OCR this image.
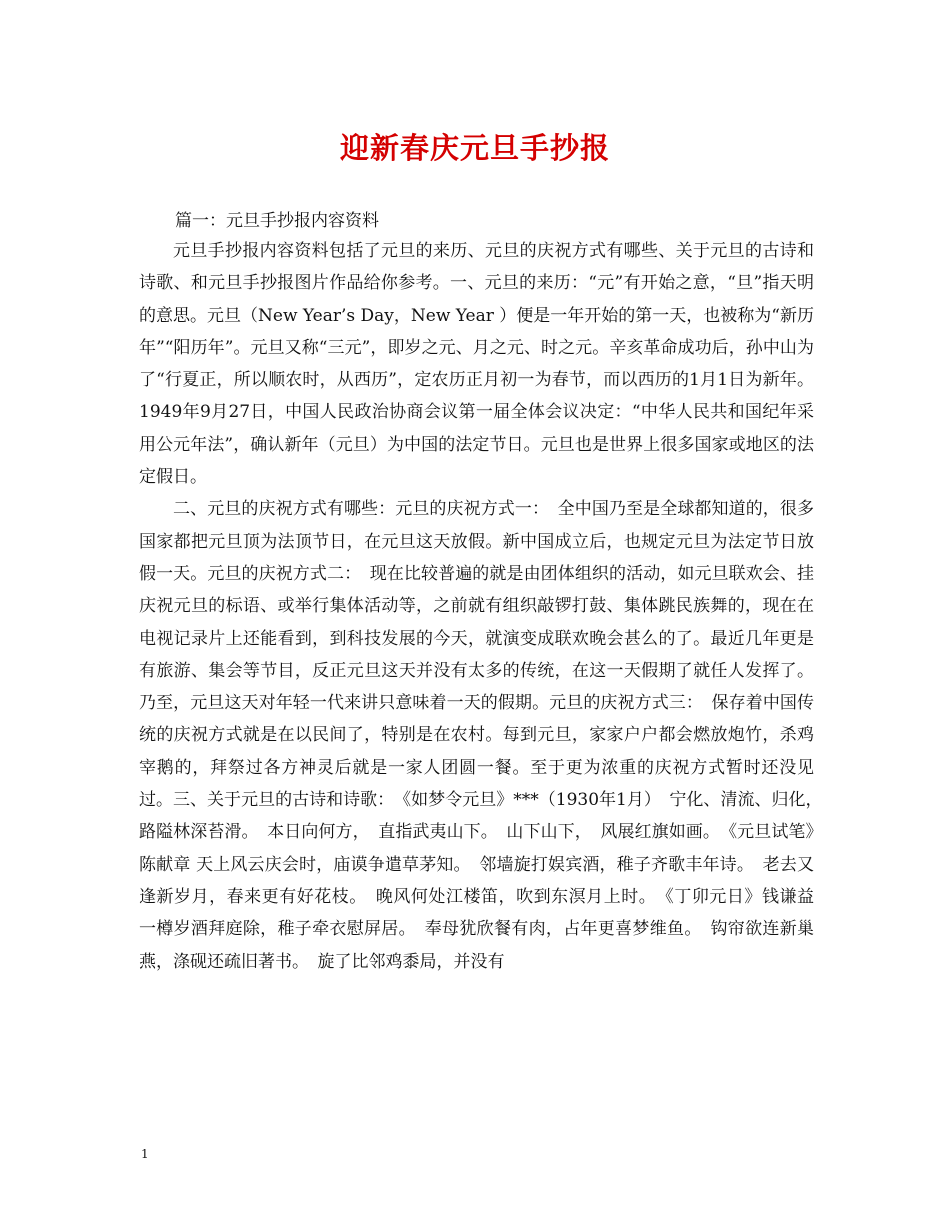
迎新春庆元旦手抄报
篇一：元旦手抄报内容资料

元旦手抄报内容资料包括了元旦的来历、元旦的庆祝方式有哪些、关于元旦的古诗和诗歌、和元旦手抄报图片作品给你参考。一、元旦的来历：“元”有开始之意，“旦”指天明的意思。元旦（New Year’s Day，New Year ）便是一年开始的第一天，也被称为“新历年”“阳历年”。元旦又称“三元”，即岁之元、月之元、时之元。辛亥革命成功后，孙中山为了“行夏正，所以顺农时，从西历”，定农历正月初一为春节，而以西历的1月1日为新年。1949年9月27日，中国人民政治协商会议第一届全体会议决定：“中华人民共和国纪年采用公元年法”，确认新年（元旦）为中国的法定节日。元旦也是世界上很多国家或地区的法定假日。

二、元旦的庆祝方式有哪些：元旦的庆祝方式一：　全中国乃至是全球都知道的，很多国家都把元旦顶为法顶节日，在元旦这天放假。新中国成立后，也规定元旦为法定节日放假一天。元旦的庆祝方式二：　现在比较普遍的就是由团体组织的活动，如元旦联欢会、挂庆祝元旦的标语、或举行集体活动等，之前就有组织敲锣打鼓、集体跳民族舞的，现在在电视记录片上还能看到，到科技发展的今天，就演变成联欢晚会甚么的了。最近几年更是有旅游、集会等节目，反正元旦这天并没有太多的传统，在这一天假期了就任人发挥了。乃至，元旦这天对年轻一代来讲只意味着一天的假期。元旦的庆祝方式三：　保存着中国传统的庆祝方式就是在以民间了，特别是在农村。每到元旦，家家户户都会燃放炮竹，杀鸡宰鹅的，拜祭过各方神灵后就是一家人团圆一餐。至于更为浓重的庆祝方式暂时还没见过。三、关于元旦的古诗和诗歌：　《如梦令元旦》***（1930年1月）　宁化、清流、归化，　路隘林深苔滑。　本日向何方，　直指武夷山下。　山下山下，　风展红旗如画。　《元旦试笔》陈献章 天上风云庆会时，庙谟争遣草茅知。　邻墙旋打娱宾酒，稚子齐歌丰年诗。　老去又逢新岁月，春来更有好花枝。　晚风何处江楼笛，吹到东溟月上时。　《丁卯元日》钱谦益 一樽岁酒拜庭除，稚子牵衣慰屏居。　奉母犹欣餐有肉，占年更喜梦维鱼。　钩帘欲连新巢燕，涤砚还疏旧著书。　旋了比邻鸡黍局，并没有

1
